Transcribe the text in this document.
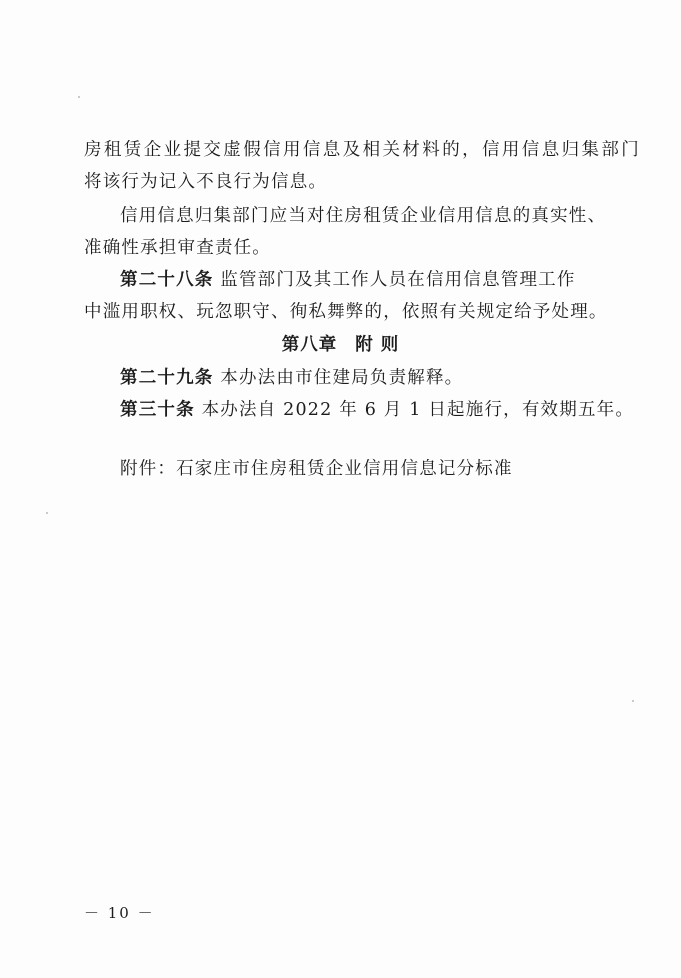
房租赁企业提交虚假信用信息及相关材料的，信用信息归集部门
将该行为记入不良行为信息。
信用信息归集部门应当对住房租赁企业信用信息的真实性、
准确性承担审查责任。
第二十八条 监管部门及其工作人员在信用信息管理工作
中滥用职权、玩忽职守、徇私舞弊的，依照有关规定给予处理。
第八章 附 则
第二十九条 本办法由市住建局负责解释。
第三十条 本办法自 2022 年 6 月 1 日起施行，有效期五年。
附件：石家庄市住房租赁企业信用信息记分标准
－ 10 －
